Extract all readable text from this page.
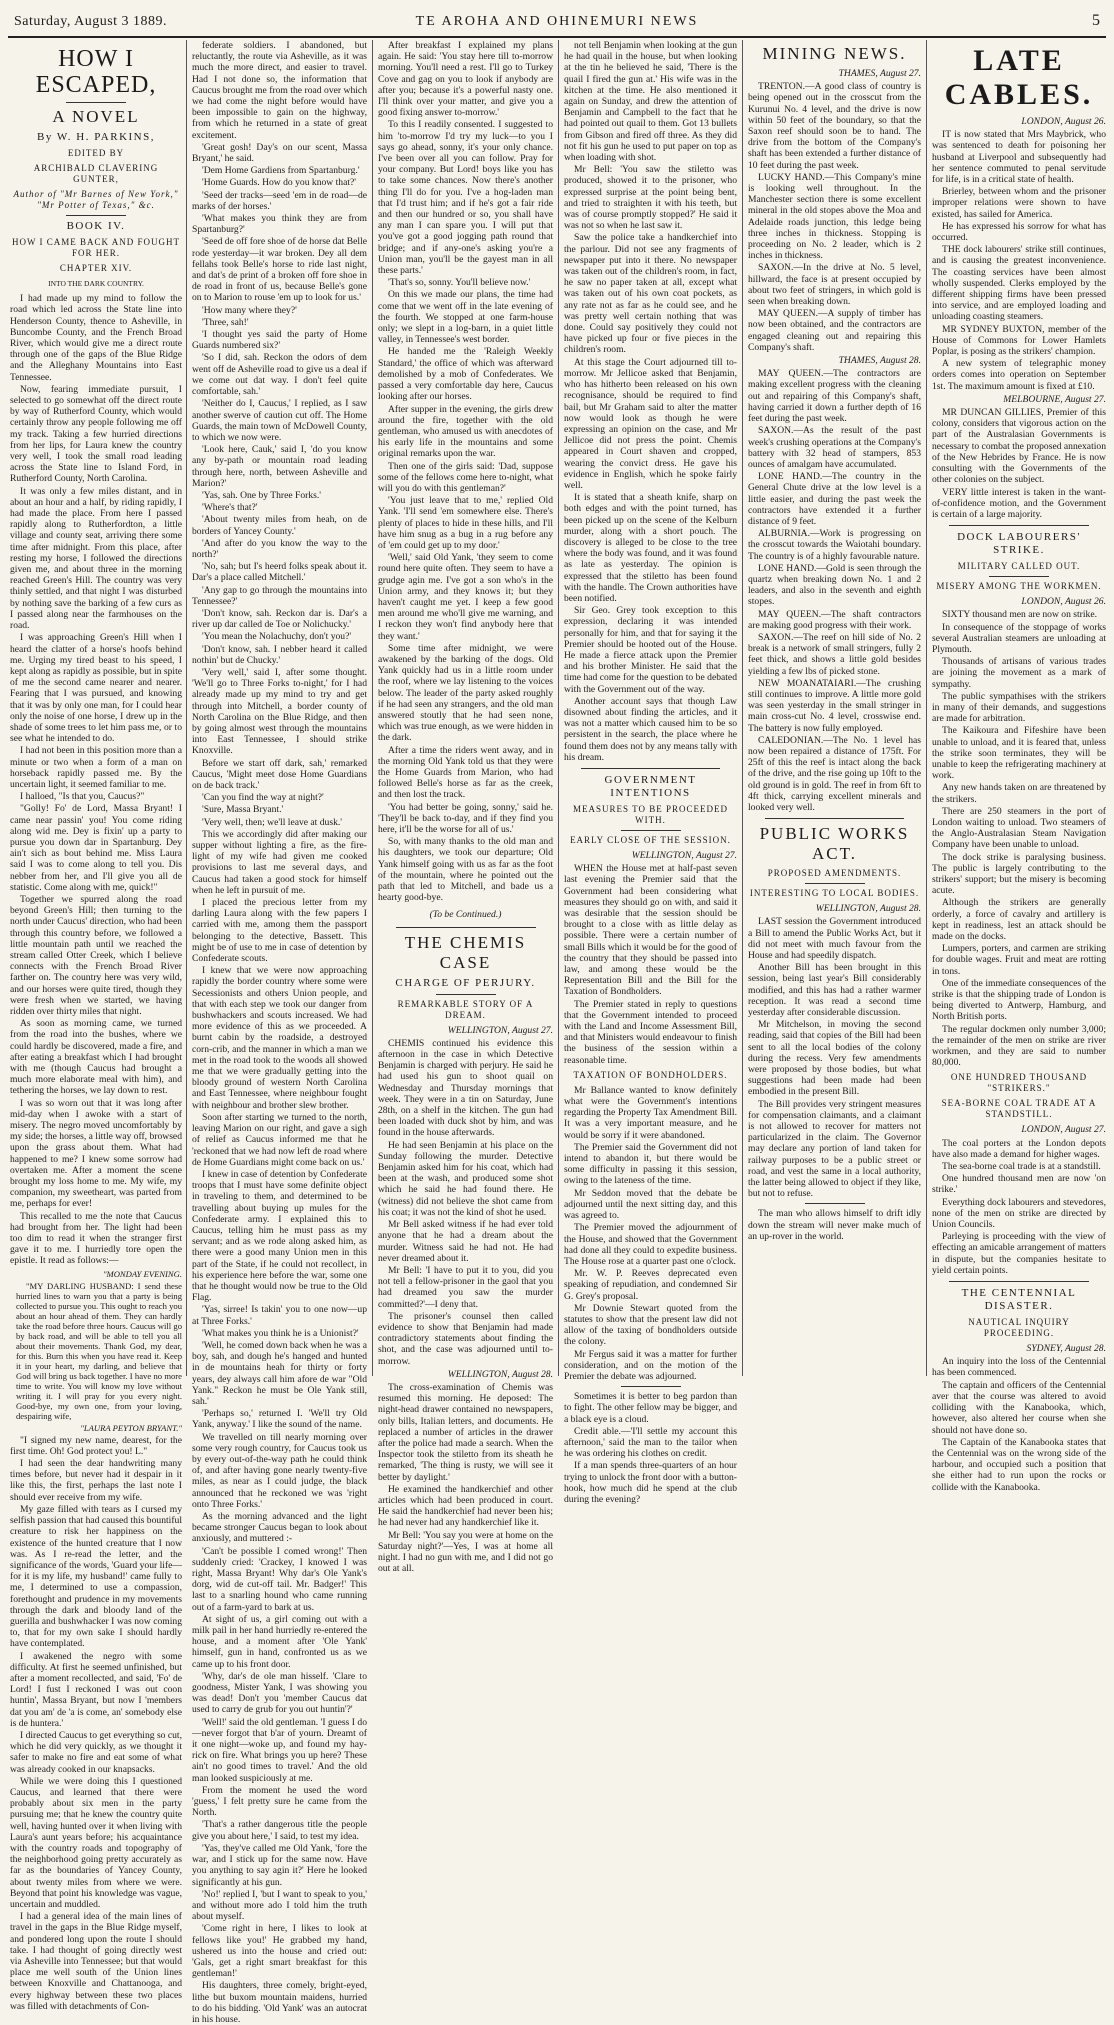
Saturday, August 3 1889.	TE AROHA AND OHINEMURI NEWS	5
HOW I ESCAPED,
A NOVEL
By W. H. PARKINS,
EDITED BY
ARCHIBALD CLAVERING GUNTER,
Author of "Mr Barnes of New York," "Mr Potter of Texas," &c.
BOOK IV.
HOW I CAME BACK AND FOUGHT FOR HER.
CHAPTER XIV.
INTO THE DARK COUNTRY.

I had made up my mind to follow the road which led across the State line into Henderson County, thence to Asheville, in Buncombe County, and the French Broad River, which would give me a direct route through one of the gaps of the Blue Ridge and the Alleghany Mountains into East Tennessee.

Now, fearing immediate pursuit, I selected to go somewhat off the direct route by way of Rutherford County, which would certainly throw any people following me off my track. Taking a few hurried directions from her lips, for Laura knew the country very well, I took the small road leading across the State line to Island Ford, in Rutherford County, North Carolina.

It was only a few miles distant, and in about an hour and a half, by riding rapidly, I had made the place. From here I passed rapidly along to Rutherfordton, a little village and county seat, arriving there some time after midnight. From this place, after resting my horse, I followed the directions given me, and about three in the morning reached Green's Hill. The country was very thinly settled, and that night I was disturbed by nothing save the barking of a few curs as I passed along near the farmhouses on the road.

I was approaching Green's Hill when I heard the clatter of a horse's hoofs behind me. Urging my tired beast to his speed, I kept along as rapidly as possible, but in spite of me the second came nearer and nearer. Fearing that I was pursued, and knowing that it was by only one man, for I could hear only the noise of one horse, I drew up in the shade of some trees to let him pass me, or to see what he intended to do.

I had not been in this position more than a minute or two when a form of a man on horseback rapidly passed me. By the uncertain light, it seemed familiar to me.

I halloed, "Is that you, Caucus?"

"Golly! Fo' de Lord, Massa Bryant! I came near passin' you! You come riding along wid me. Dey is fixin' up a party to pursue you down dar in Spartanburg. Dey ain't sich as bout behind me. Miss Laura said I was to come along to tell you. Dis nebber from her, and I'll give you all de statistic. Come along with me, quick!"

Together we spurred along the road beyond Green's Hill; then turning to the north under Caucus' direction, who had been through this country before, we followed a little mountain path until we reached the stream called Otter Creek, which I believe connects with the French Broad River farther on. The country here was very wild, and our horses were quite tired, though they were fresh when we started, we having ridden over thirty miles that night.

As soon as morning came, we turned from the road into the bushes, where we could hardly be discovered, made a fire, and after eating a breakfast which I had brought with me (though Caucus had brought a much more elaborate meal with him), and tethering the horses, we lay down to rest.

I was so worn out that it was long after mid-day when I awoke with a start of misery. The negro moved uncomfortably by my side; the horses, a little way off, browsed upon the grass about them. What had happened to me? I knew some sorrow had overtaken me. After a moment the scene brought my loss home to me. My wife, my companion, my sweetheart, was parted from me, perhaps for ever!

This recalled to me the note that Caucus had brought from her. The light had been too dim to read it when the stranger first gave it to me. I hurriedly tore open the epistle. It read as follows:—

"MONDAY EVENING.

"MY DARLING HUSBAND: I send these hurried lines to warn you that a party is being collected to pursue you. This ought to reach you about an hour ahead of them. They can hardly take the road before three hours. Caucus will go by back road, and will be able to tell you all about their movements. Thank God, my dear, for this. Burn this when you have read it. Keep it in your heart, my darling, and believe that God will bring us back together. I have no more time to write. You will know my love without writing it. I will pray for you every night. Good-bye, my own one, from your loving, despairing wife,

"LAURA PEYTON BRYANT."

"I signed my new name, dearest, for the first time. Oh! God protect you! L."

I had seen the dear handwriting many times before, but never had it despair in it like this, the first, perhaps the last note I should ever receive from my wife.

My gaze filled with tears as I cursed my selfish passion that had caused this bountiful creature to risk her happiness on the existence of the hunted creature that I now was. As I re-read the letter, and the significance of the words, 'Guard your life—for it is my life, my husband!' came fully to me, I determined to use a compassion, forethought and prudence in my movements through the dark and bloody land of the guerilla and bushwhacker I was now coming to, that for my own sake I should hardly have contemplated.

I awakened the negro with some difficulty. At first he seemed unfinished, but after a moment recollected, and said, 'Fo' de Lord! I fust I reckoned I was out coon huntin', Massa Bryant, but now I 'members dat you am' de 'a is come, an' somebody else is de huntera.'

I directed Caucus to get everything so cut, which he did very quickly, as we thought it safer to make no fire and eat some of what was already cooked in our knapsacks.

While we were doing this I questioned Caucus, and learned that there were probably about six men in the party pursuing me; that he knew the country quite well, having hunted over it when living with Laura's aunt years before; his acquaintance with the country roads and topography of the neighborhood going pretty accurately as far as the boundaries of Yancey County, about twenty miles from where we were. Beyond that point his knowledge was vague, uncertain and muddled.

I had a general idea of the main lines of travel in the gaps in the Blue Ridge myself, and pondered long upon the route I should take. I had thought of going directly west via Asheville into Tennessee; but that would place me well south of the Union lines between Knoxville and Chattanooga, and every highway between these two places was filled with detachments of Con-

federate soldiers. I abandoned, but reluctantly, the route via Asheville, as it was much the more direct, and easier to travel. Had I not done so, the information that Caucus brought me from the road over which we had come the night before would have been impossible to gain on the highway, from which he returned in a state of great excitement.

'Great gosh! Day's on our scent, Massa Bryant,' he said.

'Dem Home Gardiens from Spartanburg.'

'Home Guards. How do you know that?'

'Seed der tracks—seed 'em in de road—de marks of der horses.'

'What makes you think they are from Spartanburg?'

'Seed de off fore shoe of de horse dat Belle rode yesterday—it war broken. Dey all dem fellahs took Belle's horse to ride last night, and dat's de print of a broken off fore shoe in de road in front of us, because Belle's gone on to Marion to rouse 'em up to look for us.'

'How many where they?'

'Three, sah!'

'I thought yes said the party of Home Guards numbered six?'

'So I did, sah. Reckon the odors of dem went off de Asheville road to give us a deal if we come out dat way. I don't feel quite comfortable, sah.'

'Neither do I, Caucus,' I replied, as I saw another swerve of caution cut off. The Home Guards, the main town of McDowell County, to which we now were.

'Look here, Cauk,' said I, 'do you know any by-path or mountain road leading through here, north, between Asheville and Marion?'

'Yas, sah. One by Three Forks.'

'Where's that?'

'About twenty miles from heah, on de borders of Yancey County.'

'And after do you know the way to the north?'

'No, sah; but I's heerd folks speak about it. Dar's a place called Mitchell.'

'Any gap to go through the mountains into Tennessee?'

'Don't know, sah. Reckon dar is. Dar's a river up dar called de Toe or Nolichucky.'

'You mean the Nolachuchy, don't you?'

'Don't know, sah. I nebber heard it called nothin' but de Chucky.'

'Very well,' said I, after some thought. 'We'll go to Three Forks to-night,' for I had already made up my mind to try and get through into Mitchell, a border county of North Carolina on the Blue Ridge, and then by going almost west through the mountains into East Tennessee, I should strike Knoxville.

Before we start off dark, sah,' remarked Caucus, 'Might meet dose Home Guardians on de back track.'

'Can you find the way at night?'

'Sure, Massa Bryant.'

'Very well, then; we'll leave at dusk.'

This we accordingly did after making our supper without lighting a fire, as the fire-light of my wife had given me cooked provisions to last me several days, and Caucus had taken a good stock for himself when he left in pursuit of me.

I placed the precious letter from my darling Laura along with the few papers I carried with me, among them the passport belonging to the detective, Bassett. This might be of use to me in case of detention by Confederate scouts.

I knew that we were now approaching rapidly the border country where some were Secessionists and others Union people, and that with each step we took our danger from bushwhackers and scouts increased. We had more evidence of this as we proceeded. A burnt cabin by the roadside, a destroyed corn-crib, and the manner in which a man we met in the road took to the woods all showed me that we were gradually getting into the bloody ground of western North Carolina and East Tennessee, where neighbour fought with neighbour and brother slew brother.

Soon after starting we turned to the north, leaving Marion on our right, and gave a sigh of relief as Caucus informed me that he 'reckoned that we had now left de road where de Home Guardians might come back on us.'

I knew in case of detention by Confederate troops that I must have some definite object in traveling to them, and determined to be travelling about buying up mules for the Confederate army. I explained this to Caucus, telling him he must pass as my servant; and as we rode along asked him, as there were a good many Union men in this part of the State, if he could not recollect, in his experience here before the war, some one that he thought would now be true to the Old Flag.

'Yas, sirree! Is takin' you to one now—up at Three Forks.'

'What makes you think he is a Unionist?'

'Well, he comed down back when he was a boy, sah, and dough he's hanged and hunted in de mountains heah for thirty or forty years, dey always call him afore de war "Old Yank." Reckon he must be Ole Yank still, sah.'

'Perhaps so,' returned I. 'We'll try Old Yank, anyway.' I like the sound of the name.

We travelled on till nearly morning over some very rough country, for Caucus took us by every out-of-the-way path he could think of, and after having gone nearly twenty-five miles, as near as I could judge, the black announced that he reckoned we was 'right onto Three Forks.'

As the morning advanced and the light became stronger Caucus began to look about anxiously, and muttered :-

'Can't be possible I comed wrong!' Then suddenly cried: 'Crackey, I knowed I was right, Massa Bryant! Why dar's Ole Yank's dorg, wid de cut-off tail. Mr. Badger!' This last to a snarling hound who came running out of a farm-yard to bark at us.

At sight of us, a girl coming out with a milk pail in her hand hurriedly re-entered the house, and a moment after 'Ole Yank' himself, gun in hand, confronted us as we came up to his front door.

'Why, dar's de ole man hisself. 'Clare to goodness, Mister Yank, I was showing you was dead! Don't you 'member Caucus dat used to carry de grub for you out huntin'?'

'Well!' said the old gentleman. 'I guess I do—never forgot that b'ar of yourn. Dreamt of it one night—woke up, and found my hay-rick on fire. What brings you up here? These ain't no good times to travel.' And the old man looked suspiciously at me.

From the moment he used the word 'guess,' I felt pretty sure he came from the North.

'That's a rather dangerous title the people give you about here,' I said, to test my idea.

'Yas, they've called me Old Yank, 'fore the war, and I stick up for the same now. Have you anything to say agin it?' Here he looked significantly at his gun.

'No!' replied I, 'but I want to speak to you,' and without more ado I told him the truth about myself.

'Come right in here, I likes to look at fellows like you!' He grabbed my hand, ushered us into the house and cried out: 'Gals, get a right smart breakfast for this gentleman!'

His daughters, three comely, bright-eyed, lithe but buxom mountain maidens, hurried to do his bidding. 'Old Yank' was an autocrat in his house.

After breakfast I explained my plans again. He said: 'You stay here till to-morrow morning. You'll need a rest. I'll go to Turkey Cove and gag on you to look if anybody are after you; because it's a powerful nasty one. I'll think over your matter, and give you a good fixing answer to-morrow.'

To this I readily consented. I suggested to him 'to-morrow I'd try my luck—to you I says go ahead, sonny, it's your only chance. I've been over all you can follow. Pray for your company. But Lord! boys like you has to take some chances. Now there's another thing I'll do for you. I've a hog-laden man that I'd trust him; and if he's got a fair ride and then our hundred or so, you shall have any man I can spare you. I will put that you've got a good jogging path round that bridge; and if any-one's asking you're a Union man, you'll be the gayest man in all these parts.'

'That's so, sonny. You'll believe now.'

On this we made our plans, the time had come that we went off in the late evening of the fourth. We stopped at one farm-house only; we slept in a log-barn, in a quiet little valley, in Tennessee's west border.

He handed me the 'Raleigh Weekly Standard,' the office of which was afterward demolished by a mob of Confederates. We passed a very comfortable day here, Caucus looking after our horses.

After supper in the evening, the girls drew around the fire, together with the old gentleman, who amused us with anecdotes of his early life in the mountains and some original remarks upon the war.

Then one of the girls said: 'Dad, suppose some of the fellows come here to-night, what will you do with this gentleman?'

'You just leave that to me,' replied Old Yank. 'I'll send 'em somewhere else. There's plenty of places to hide in these hills, and I'll have him snug as a bug in a rug before any of 'em could get up to my door.'

'Well,' said Old Yank, 'they seem to come round here quite often. They seem to have a grudge agin me. I've got a son who's in the Union army, and they knows it; but they haven't caught me yet. I keep a few good men around me who'll give me warning, and I reckon they won't find anybody here that they want.'

Some time after midnight, we were awakened by the barking of the dogs. Old Yank quickly had us in a little room under the roof, where we lay listening to the voices below. The leader of the party asked roughly if he had seen any strangers, and the old man answered stoutly that he had seen none, which was true enough, as we were hidden in the dark.

After a time the riders went away, and in the morning Old Yank told us that they were the Home Guards from Marion, who had followed Belle's horse as far as the creek, and then lost the track.

'You had better be going, sonny,' said he. 'They'll be back to-day, and if they find you here, it'll be the worse for all of us.'

So, with many thanks to the old man and his daughters, we took our departure; Old Yank himself going with us as far as the foot of the mountain, where he pointed out the path that led to Mitchell, and bade us a hearty good-bye.

(To be Continued.)
THE CHEMIS CASE
CHARGE OF PERJURY.
REMARKABLE STORY OF A DREAM.
WELLINGTON, August 27.

CHEMIS continued his evidence this afternoon in the case in which Detective Benjamin is charged with perjury. He said he had used his gun to shoot quail on Wednesday and Thursday mornings that week. They were in a tin on Saturday, June 28th, on a shelf in the kitchen. The gun had been loaded with duck shot by him, and was found in the house afterwards.

He had seen Benjamin at his place on the Sunday following the murder. Detective Benjamin asked him for his coat, which had been at the wash, and produced some shot which he said he had found there. He (witness) did not believe the shot came from his coat; it was not the kind of shot he used.

Mr Bell asked witness if he had ever told anyone that he had a dream about the murder. Witness said he had not. He had never dreamed about it.

Mr Bell: 'I have to put it to you, did you not tell a fellow-prisoner in the gaol that you had dreamed you saw the murder committed?'—I deny that.

The prisoner's counsel then called evidence to show that Benjamin had made contradictory statements about finding the shot, and the case was adjourned until to-morrow.

WELLINGTON, August 28.

The cross-examination of Chemis was resumed this morning. He deposed: The night-head drawer contained no newspapers, only bills, Italian letters, and documents. He replaced a number of articles in the drawer after the police had made a search. When the Inspector took the stiletto from its sheath he remarked, 'The thing is rusty, we will see it better by daylight.'

He examined the handkerchief and other articles which had been produced in court. He said the handkerchief had never been his; he had never had any handkerchief like it.

Mr Bell: 'You say you were at home on the Saturday night?'—Yes, I was at home all night. I had no gun with me, and I did not go out at all.

not tell Benjamin when looking at the gun he had quail in the house, but when looking at the tin he believed he said, 'There is the quail I fired the gun at.' His wife was in the kitchen at the time. He also mentioned it again on Sunday, and drew the attention of Benjamin and Campbell to the fact that he had pointed out quail to them. Got 13 bullets from Gibson and fired off three. As they did not fit his gun he used to put paper on top as when loading with shot.

Mr Bell: 'You saw the stiletto was produced, showed it to the prisoner, who expressed surprise at the point being bent, and tried to straighten it with his teeth, but was of course promptly stopped?' He said it was not so when he last saw it.

Saw the police take a handkerchief into the parlour. Did not see any fragments of newspaper put into it there. No newspaper was taken out of the children's room, in fact, he saw no paper taken at all, except what was taken out of his own coat pockets, as any rate not as far as he could see, and he was pretty well certain nothing that was done. Could say positively they could not have picked up four or five pieces in the children's room.

At this stage the Court adjourned till to-morrow. Mr Jellicoe asked that Benjamin, who has hitherto been released on his own recognisance, should be required to find bail, but Mr Graham said to alter the matter now would look as though he were expressing an opinion on the case, and Mr Jellicoe did not press the point. Chemis appeared in Court shaven and cropped, wearing the convict dress. He gave his evidence in English, which he spoke fairly well.

It is stated that a sheath knife, sharp on both edges and with the point turned, has been picked up on the scene of the Kelburn murder, along with a short pouch. The discovery is alleged to be close to the tree where the body was found, and it was found as late as yesterday. The opinion is expressed that the stiletto has been found with the handle. The Crown authorities have been notified.

Sir Geo. Grey took exception to this expression, declaring it was intended personally for him, and that for saying it the Premier should be hooted out of the House. He made a fierce attack upon the Premier and his brother Minister. He said that the time had come for the question to be debated with the Government out of the way.

Another account says that though Law disowned about finding the articles, and it was not a matter which caused him to be so persistent in the search, the place where he found them does not by any means tally with his dream.

GOVERNMENT INTENTIONS
MEASURES TO BE PROCEEDED WITH.
EARLY CLOSE OF THE SESSION.
WELLINGTON, August 27.

WHEN the House met at half-past seven last evening the Premier said that the Government had been considering what measures they should go on with, and said it was desirable that the session should be brought to a close with as little delay as possible. There were a certain number of small Bills which it would be for the good of the country that they should be passed into law, and among these would be the Representation Bill and the Bill for the Taxation of Bondholders.

The Premier stated in reply to questions that the Government intended to proceed with the Land and Income Assessment Bill, and that Ministers would endeavour to finish the business of the session within a reasonable time.

TAXATION OF BONDHOLDERS.

Mr Ballance wanted to know definitely what were the Government's intentions regarding the Property Tax Amendment Bill. It was a very important measure, and he would be sorry if it were abandoned.

The Premier said the Government did not intend to abandon it, but there would be some difficulty in passing it this session, owing to the lateness of the time.

Mr Seddon moved that the debate be adjourned until the next sitting day, and this was agreed to.

The Premier moved the adjournment of the House, and showed that the Government had done all they could to expedite business. The House rose at a quarter past one o'clock.

Mr. W. P. Reeves deprecated even speaking of repudiation, and condemned Sir G. Grey's proposal.

Mr Downie Stewart quoted from the statutes to show that the present law did not allow of the taxing of bondholders outside the colony.

Mr Fergus said it was a matter for further consideration, and on the motion of the Premier the debate was adjourned.

Sometimes it is better to beg pardon than to fight. The other fellow may be bigger, and a black eye is a cloud.

Credit able.—'I'll settle my account this afternoon,' said the man to the tailor when he was ordering his clothes on credit.

If a man spends three-quarters of an hour trying to unlock the front door with a button-hook, how much did he spend at the club during the evening?

MINING NEWS.
THAMES, August 27.

TRENTON.—A good class of country is being opened out in the crosscut from the Kurunui No. 4 level, and the drive is now within 50 feet of the boundary, so that the Saxon reef should soon be to hand. The drive from the bottom of the Company's shaft has been extended a further distance of 10 feet during the past week.

LUCKY HAND.—This Company's mine is looking well throughout. In the Manchester section there is some excellent mineral in the old stopes above the Moa and Adelaide roads junction, this ledge being three inches in thickness. Stopping is proceeding on No. 2 leader, which is 2 inches in thickness.

SAXON.—In the drive at No. 5 level, hillward, the face is at present occupied by about two feet of stringers, in which gold is seen when breaking down.

MAY QUEEN.—A supply of timber has now been obtained, and the contractors are engaged cleaning out and repairing this Company's shaft.

THAMES, August 28.

MAY QUEEN.—The contractors are making excellent progress with the cleaning out and repairing of this Company's shaft, having carried it down a further depth of 16 feet during the past week.

SAXON.—As the result of the past week's crushing operations at the Company's battery with 32 head of stampers, 853 ounces of amalgam have accumulated.

LONE HAND.—The country in the General Chute drive at the low level is a little easier, and during the past week the contractors have extended it a further distance of 9 feet.

ALBURNIA.—Work is progressing on the crosscut towards the Waiotahi boundary. The country is of a highly favourable nature.

LONE HAND.—Gold is seen through the quartz when breaking down No. 1 and 2 leaders, and also in the seventh and eighth stopes.

MAY QUEEN.—The shaft contractors are making good progress with their work.

SAXON.—The reef on hill side of No. 2 break is a network of small stringers, fully 2 feet thick, and shows a little gold besides yielding a few lbs of picked stone.

NEW MOANATAIARI.—The crushing still continues to improve. A little more gold was seen yesterday in the small stringer in main cross-cut No. 4 level, crosswise end. The battery is now fully employed.

CALEDONIAN.—The No. 1 level has now been repaired a distance of 175ft. For 25ft of this the reef is intact along the back of the drive, and the rise going up 10ft to the old ground is in gold. The reef in from 6ft to 4ft thick, carrying excellent minerals and looked very well.

PUBLIC WORKS ACT.
PROPOSED AMENDMENTS.
INTERESTING TO LOCAL BODIES.
WELLINGTON, August 28.

LAST session the Government introduced a Bill to amend the Public Works Act, but it did not meet with much favour from the House and had speedily dispatch.

Another Bill has been brought in this session, being last year's Bill considerably modified, and this has had a rather warmer reception. It was read a second time yesterday after considerable discussion.

Mr Mitchelson, in moving the second reading, said that copies of the Bill had been sent to all the local bodies of the colony during the recess. Very few amendments were proposed by those bodies, but what suggestions had been made had been embodied in the present Bill.

The Bill provides very stringent measures for compensation claimants, and a claimant is not allowed to recover for matters not particularized in the claim. The Governor may declare any portion of land taken for railway purposes to be a public street or road, and vest the same in a local authority, the latter being allowed to object if they like, but not to refuse.

The man who allows himself to drift idly down the stream will never make much of an up-rover in the world.

LATE CABLES.
LONDON, August 26.

IT is now stated that Mrs Maybrick, who was sentenced to death for poisoning her husband at Liverpool and subsequently had her sentence commuted to penal servitude for life, is in a critical state of health.

Brierley, between whom and the prisoner improper relations were shown to have existed, has sailed for America.

He has expressed his sorrow for what has occurred.

THE dock labourers' strike still continues, and is causing the greatest inconvenience. The coasting services have been almost wholly suspended. Clerks employed by the different shipping firms have been pressed into service, and are employed loading and unloading coasting steamers.

MR SYDNEY BUXTON, member of the House of Commons for Lower Hamlets Poplar, is posing as the strikers' champion.

A new system of telegraphic money orders comes into operation on September 1st. The maximum amount is fixed at £10.

MELBOURNE, August 27.

MR DUNCAN GILLIES, Premier of this colony, considers that vigorous action on the part of the Australasian Governments is necessary to combat the proposed annexation of the New Hebrides by France. He is now consulting with the Governments of the other colonies on the subject.

VERY little interest is taken in the want-of-confidence motion, and the Government is certain of a large majority.

DOCK LABOURERS' STRIKE.
MILITARY CALLED OUT.
MISERY AMONG THE WORKMEN.
LONDON, August 26.

SIXTY thousand men are now on strike.

In consequence of the stoppage of works several Australian steamers are unloading at Plymouth.

Thousands of artisans of various trades are joining the movement as a mark of sympathy.

The public sympathises with the strikers in many of their demands, and suggestions are made for arbitration.

The Kaikoura and Fifeshire have been unable to unload, and it is feared that, unless the strike soon terminates, they will be unable to keep the refrigerating machinery at work.

Any new hands taken on are threatened by the strikers.

There are 250 steamers in the port of London waiting to unload. Two steamers of the Anglo-Australasian Steam Navigation Company have been unable to unload.

The dock strike is paralysing business. The public is largely contributing to the strikers' support; but the misery is becoming acute.

Although the strikers are generally orderly, a force of cavalry and artillery is kept in readiness, lest an attack should be made on the docks.

Lumpers, porters, and carmen are striking for double wages. Fruit and meat are rotting in tons.

One of the immediate consequences of the strike is that the shipping trade of London is being diverted to Antwerp, Hamburg, and North British ports.

The regular dockmen only number 3,000; the remainder of the men on strike are river workmen, and they are said to number 80,000.

ONE HUNDRED THOUSAND "STRIKERS."
SEA-BORNE COAL TRADE AT A STANDSTILL.
LONDON, August 27.

The coal porters at the London depots have also made a demand for higher wages.

The sea-borne coal trade is at a standstill.

One hundred thousand men are now 'on strike.'

Everything dock labourers and stevedores, none of the men on strike are directed by Union Councils.

Parleying is proceeding with the view of effecting an amicable arrangement of matters in dispute, but the companies hesitate to yield certain points.

THE CENTENNIAL DISASTER.
NAUTICAL INQUIRY PROCEEDING.
SYDNEY, August 28.

An inquiry into the loss of the Centennial has been commenced.

The captain and officers of the Centennial aver that the course was altered to avoid colliding with the Kanabooka, which, however, also altered her course when she should not have done so.

The Captain of the Kanabooka states that the Centennial was on the wrong side of the harbour, and occupied such a position that she either had to run upon the rocks or collide with the Kanabooka.
